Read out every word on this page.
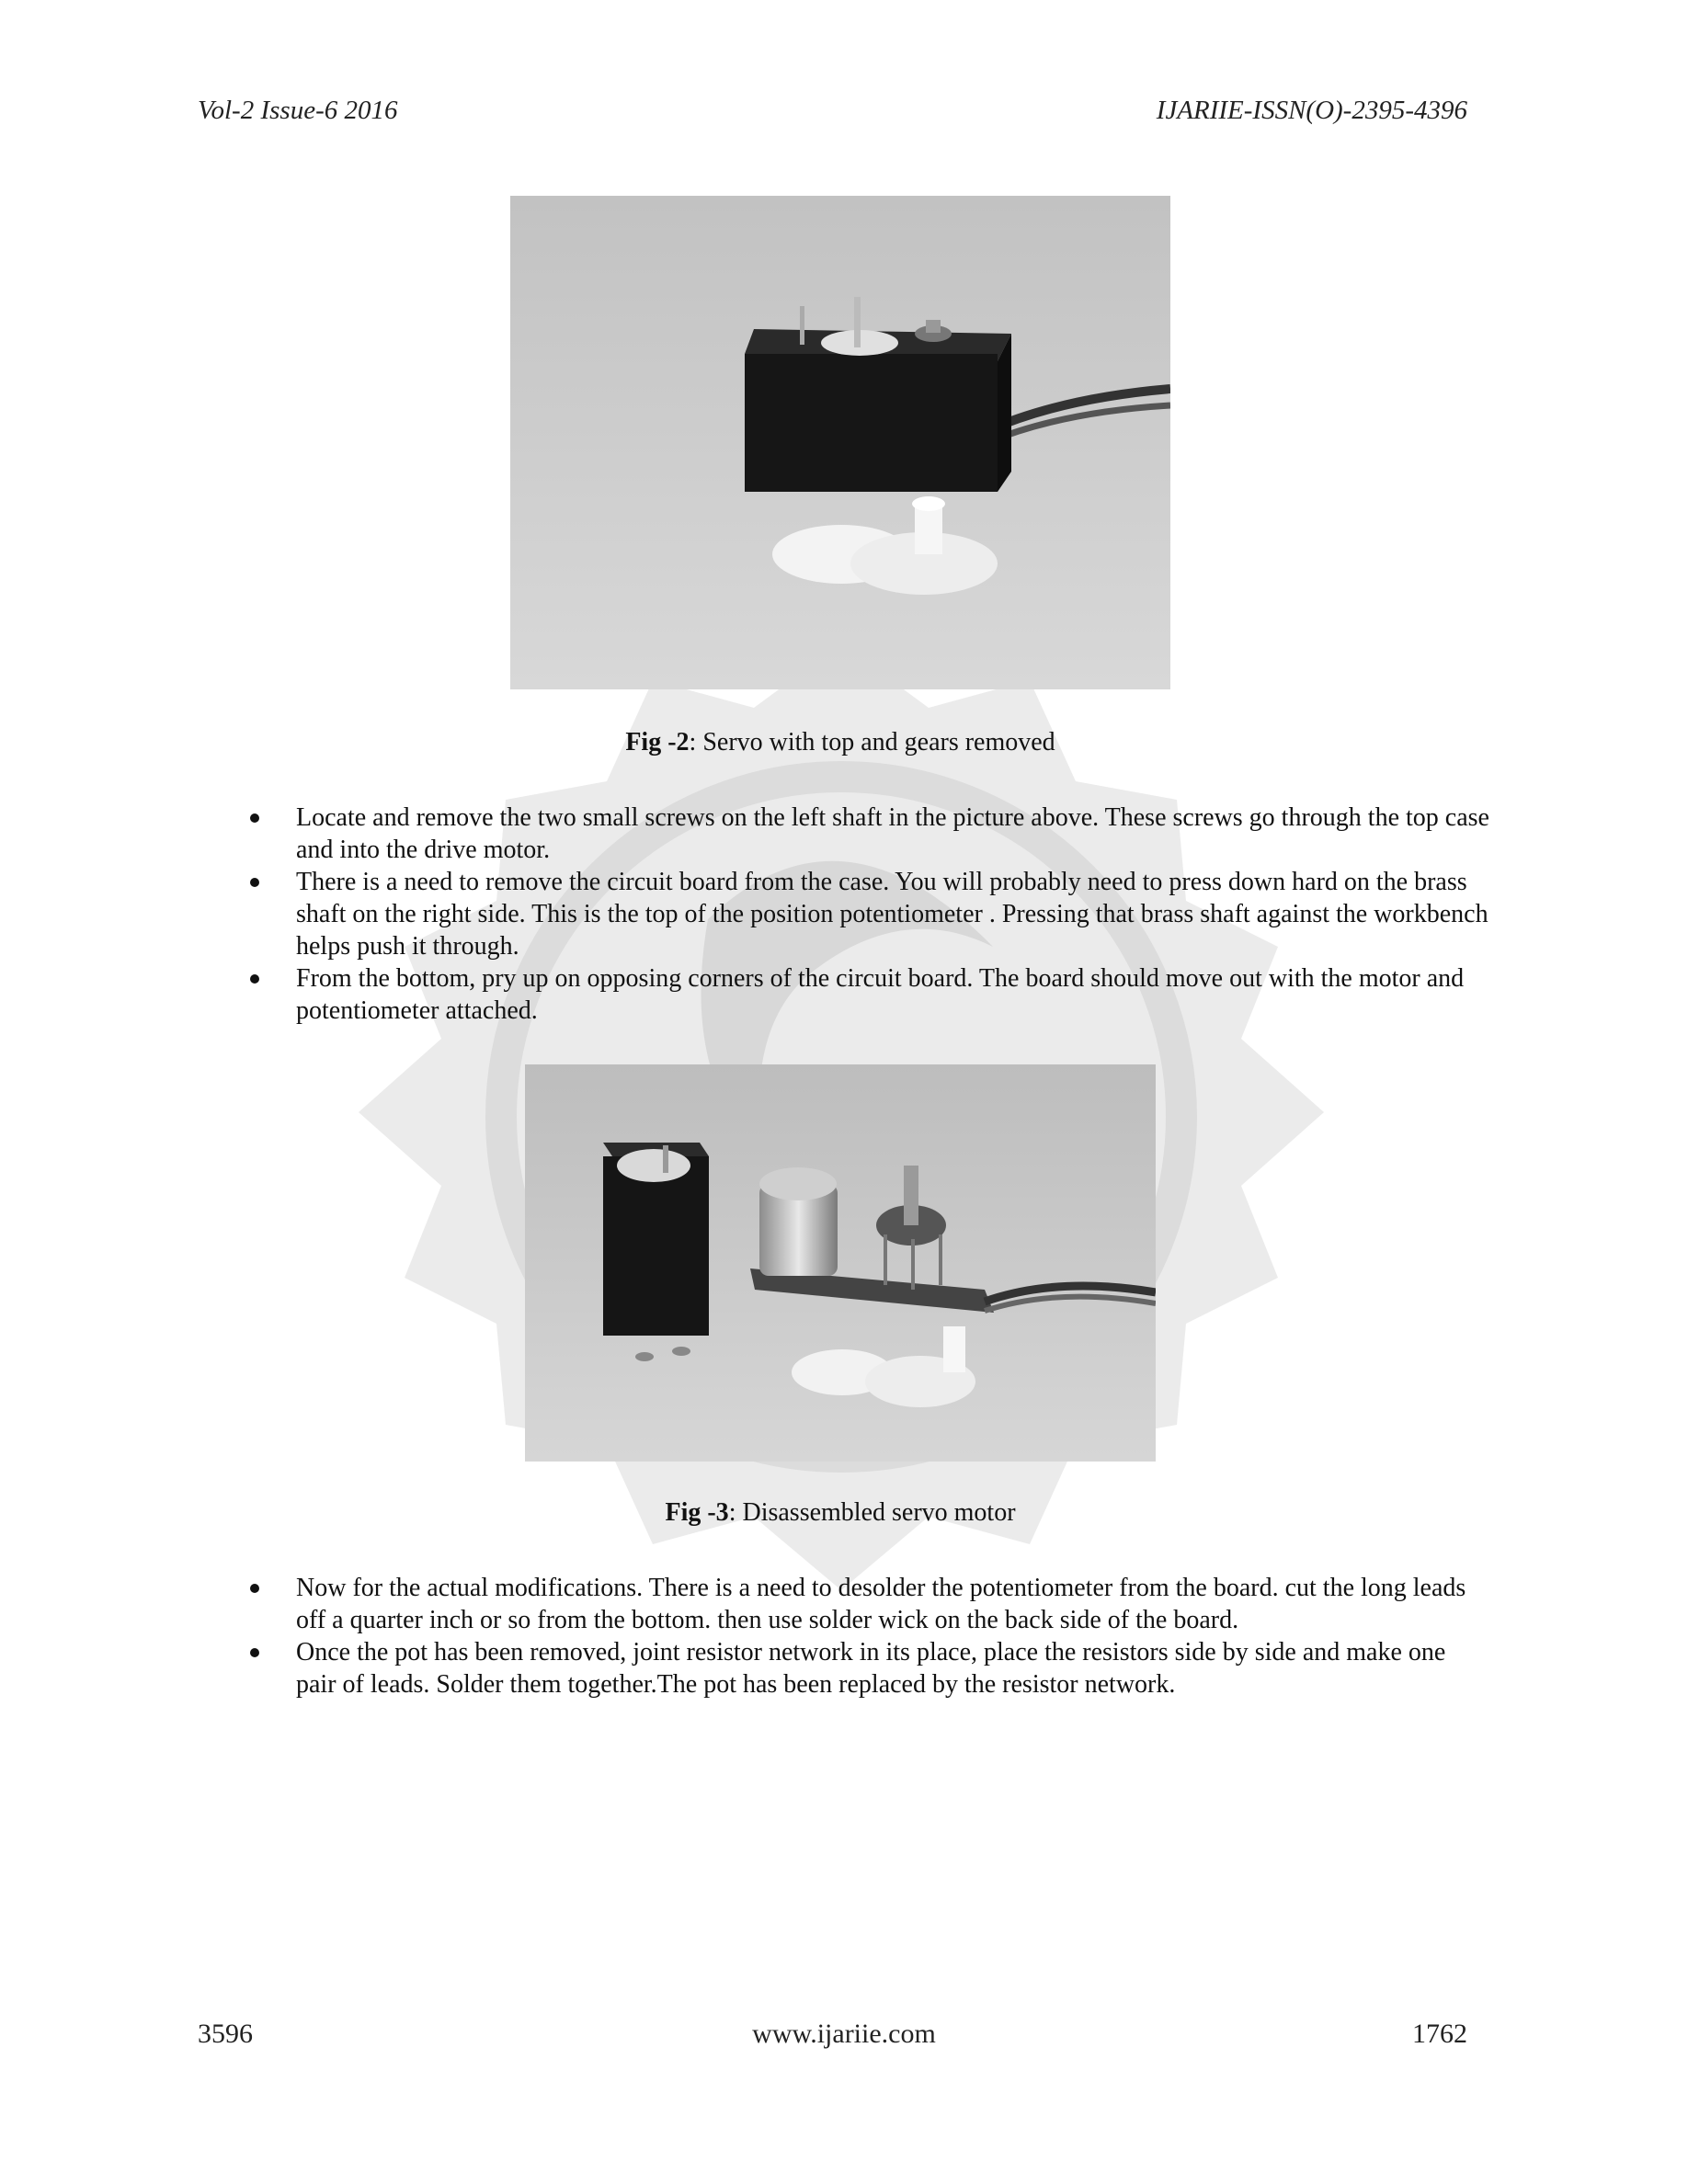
Vol-2 Issue-6 2016	IJARIIE-ISSN(O)-2395-4396
Fig -2: Servo with top and gears removed
Locate and remove the two small screws on the left shaft in the picture above. These screws go through the top case and into the drive motor.
There is a need to remove the circuit board from the case. You will probably need to press down hard on the brass shaft on the right side. This is the top of the position potentiometer . Pressing that brass shaft against the workbench helps push it through.
From the bottom, pry up on opposing corners of the circuit board. The board should move out with the motor and potentiometer attached.
Fig -3: Disassembled servo motor
Now for the actual modifications. There is a need to desolder the potentiometer from the board. cut the long leads off a quarter inch or so from the bottom. then use solder wick on the back side of the board.
Once the pot has been removed, joint resistor network in its place, place the resistors side by side and make one pair of leads. Solder them together.The pot has been replaced by the resistor network.
3596	www.ijariie.com	1762
